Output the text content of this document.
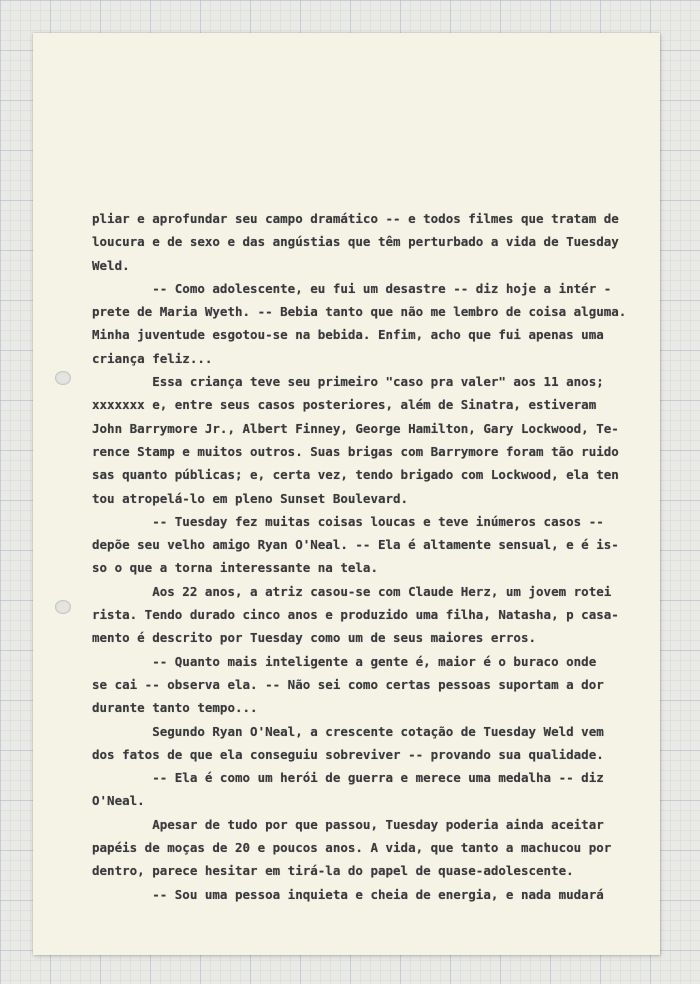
pliar e aprofundar seu campo dramático -- e todos filmes que tratam de
loucura e de sexo e das angústias que têm perturbado a vida de Tuesday
Weld.
-- Como adolescente, eu fui um desastre -- diz hoje a intér -
prete de Maria Wyeth. -- Bebia tanto que não me lembro de coisa alguma.
Minha juventude esgotou-se na bebida. Enfim, acho que fui apenas uma
criança feliz...
Essa criança teve seu primeiro "caso pra valer" aos 11 anos;
xxxxxxx e, entre seus casos posteriores, além de Sinatra, estiveram
John Barrymore Jr., Albert Finney, George Hamilton, Gary Lockwood, Te-
rence Stamp e muitos outros. Suas brigas com Barrymore foram tão ruido
sas quanto públicas; e, certa vez, tendo brigado com Lockwood, ela ten
tou atropelá-lo em pleno Sunset Boulevard.
-- Tuesday fez muitas coisas loucas e teve inúmeros casos --
depõe seu velho amigo Ryan O'Neal. -- Ela é altamente sensual, e é is-
so o que a torna interessante na tela.
Aos 22 anos, a atriz casou-se com Claude Herz, um jovem roteі
rista. Tendo durado cinco anos e produzido uma filha, Natasha, p casa-
mento é descrito por Tuesday como um de seus maiores erros.
-- Quanto mais inteligente a gente é, maior é o buraco onde
se cai -- observa ela. -- Não sei como certas pessoas suportam a dor
durante tanto tempo...
Segundo Ryan O'Neal, a crescente cotação de Tuesday Weld vem
dos fatos de que ela conseguiu sobreviver -- provando sua qualidade.
-- Ela é como um herói de guerra e merece uma medalha -- diz
O'Neal.
Apesar de tudo por que passou, Tuesday poderia ainda aceitar
papéis de moças de 20 e poucos anos. A vida, que tanto a machucou por
dentro, parece hesitar em tirá-la do papel de quase-adolescente.
-- Sou uma pessoa inquieta e cheia de energia, e nada mudará
